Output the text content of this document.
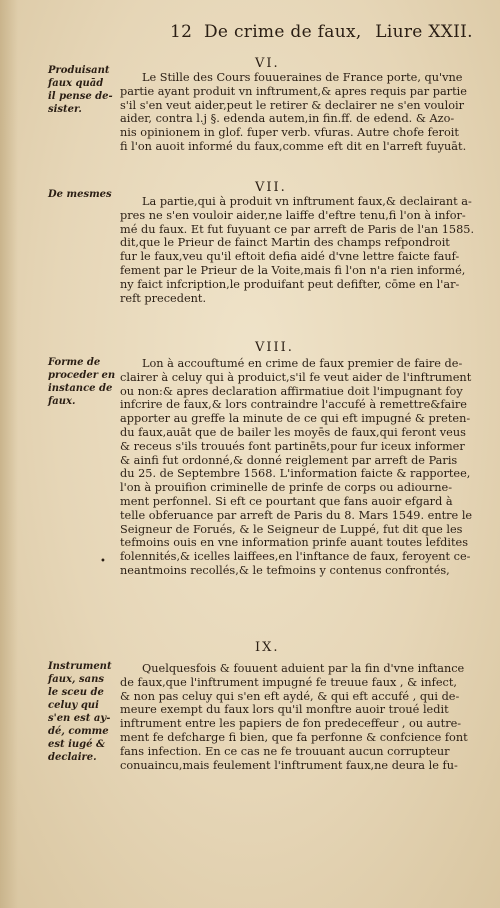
12 De crime de faux, Liure XXII.
VI.
Produisant
faux quād
il pense de-
sister.
Le Stille des Cours fouueraines de France porte, qu'vne
partie ayant produit vn inftrument,& apres requis par partie
s'il s'en veut aider,peut le retirer & declairer ne s'en vouloir
aider, contra l.j §. edenda autem,in fin.ff. de edend. & Azo-
nis opinionem in glof. fuper verb. vfuras. Autre chofe feroit
fi l'on auoit informé du faux,comme eft dit en l'arreft fuyuāt.
VII.
De mesmes
La partie,qui à produit vn inftrument faux,& declairant a-
pres ne s'en vouloir aider,ne laiffe d'eftre tenu,fi l'on à infor-
mé du faux. Et fut fuyuant ce par arreft de Paris de l'an 1585.
dit,que le Prieur de fainct Martin des champs refpondroit
fur le faux,veu qu'il eftoit defia aidé d'vne lettre faicte fauf-
fement par le Prieur de la Voite,mais fi l'on n'a rien informé,
ny faict infcription,le produifant peut defifter, cōme en l'ar-
reft precedent.
VIII.
Forme de
proceder en
instance de
faux.
Lon à accouftumé en crime de faux premier de faire de-
clairer à celuy qui à produict,s'il fe veut aider de l'inftrument
ou non:& apres declaration affirmatiue doit l'impugnant foy
infcrire de faux,& lors contraindre l'accufé à remettre&faire
apporter au greffe la minute de ce qui eft impugné & preten-
du faux,auāt que de bailer les moyēs de faux,qui feront veus
& receus s'ils trouués font partinēts,pour fur iceux informer
& ainfi fut ordonné,& donné reiglement par arreft de Paris
du 25. de Septembre 1568. L'information faicte & rapportee,
l'on à prouifion criminelle de prinfe de corps ou adiourne-
ment perfonnel. Si eft ce pourtant que fans auoir efgard à
telle obferuance par arreft de Paris du 8. Mars 1549. entre le
Seigneur de Forués, & le Seigneur de Luppé, fut dit que les
tefmoins ouis en vne information prinfe auant toutes lefdites
folennités,& icelles laiffees,en l'inftance de faux, feroyent ce-
neantmoins recollés,& le tefmoins y contenus confrontés,
•
IX.
Instrument
faux, sans
le sceu de
celuy qui
s'en est ay-
dé, comme
est iugé &
declaire.
Quelquesfois & fouuent aduient par la fin d'vne inftance
de faux,que l'inftrument impugné fe treuue faux , & infect,
& non pas celuy qui s'en eft aydé, & qui eft accufé , qui de-
meure exempt du faux lors qu'il monftre auoir troué ledit
inftrument entre les papiers de fon predeceffeur , ou autre-
ment fe defcharge fi bien, que fa perfonne & confcience font
fans infection. En ce cas ne fe trouuant aucun corrupteur
conuaincu,mais feulement l'inftrument faux,ne deura le fu-
